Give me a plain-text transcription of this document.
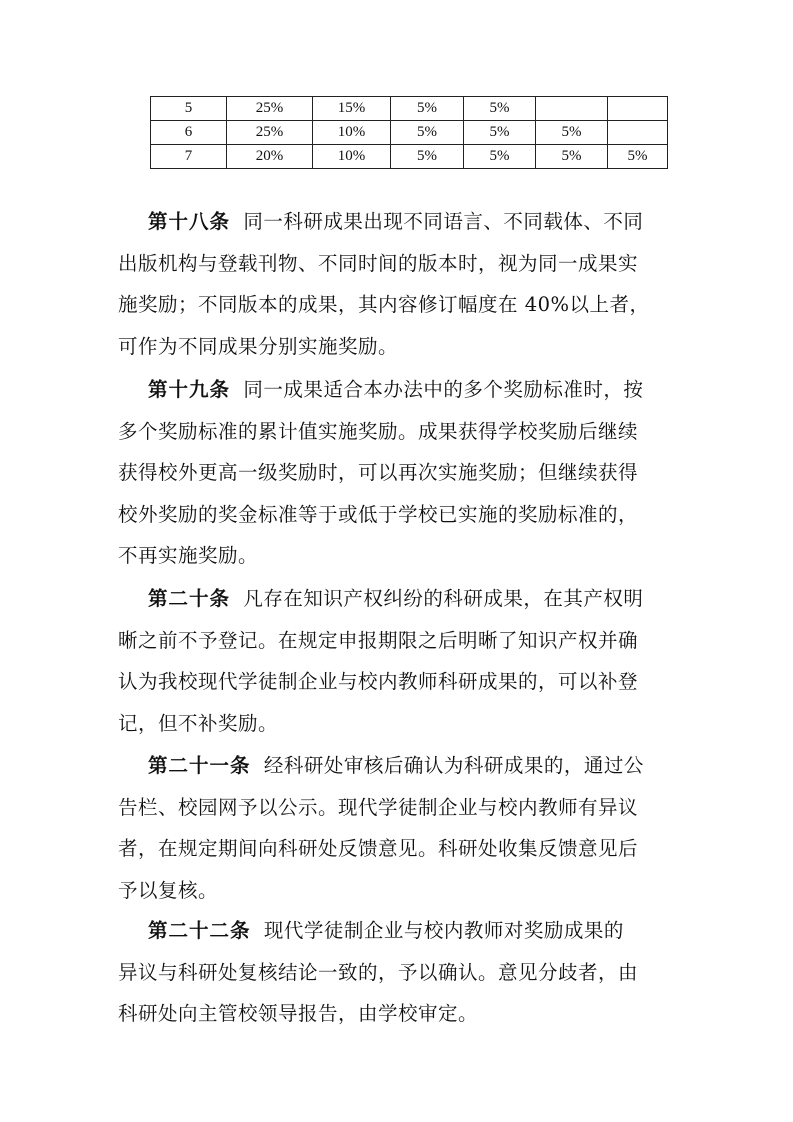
5	25%	15%	5%	5%		
6	25%	10%	5%	5%	5%	
7	20%	10%	5%	5%	5%	5%
第十八条 同一科研成果出现不同语言、不同载体、不同
出版机构与登载刊物、不同时间的版本时，视为同一成果实
施奖励；不同版本的成果，其内容修订幅度在 40%以上者，
可作为不同成果分别实施奖励。
第十九条 同一成果适合本办法中的多个奖励标准时，按
多个奖励标准的累计值实施奖励。成果获得学校奖励后继续
获得校外更高一级奖励时，可以再次实施奖励；但继续获得
校外奖励的奖金标准等于或低于学校已实施的奖励标准的，
不再实施奖励。
第二十条 凡存在知识产权纠纷的科研成果，在其产权明
晰之前不予登记。在规定申报期限之后明晰了知识产权并确
认为我校现代学徒制企业与校内教师科研成果的，可以补登
记，但不补奖励。
第二十一条 经科研处审核后确认为科研成果的，通过公
告栏、校园网予以公示。现代学徒制企业与校内教师有异议
者，在规定期间向科研处反馈意见。科研处收集反馈意见后
予以复核。
第二十二条 现代学徒制企业与校内教师对奖励成果的
异议与科研处复核结论一致的，予以确认。意见分歧者，由
科研处向主管校领导报告，由学校审定。
